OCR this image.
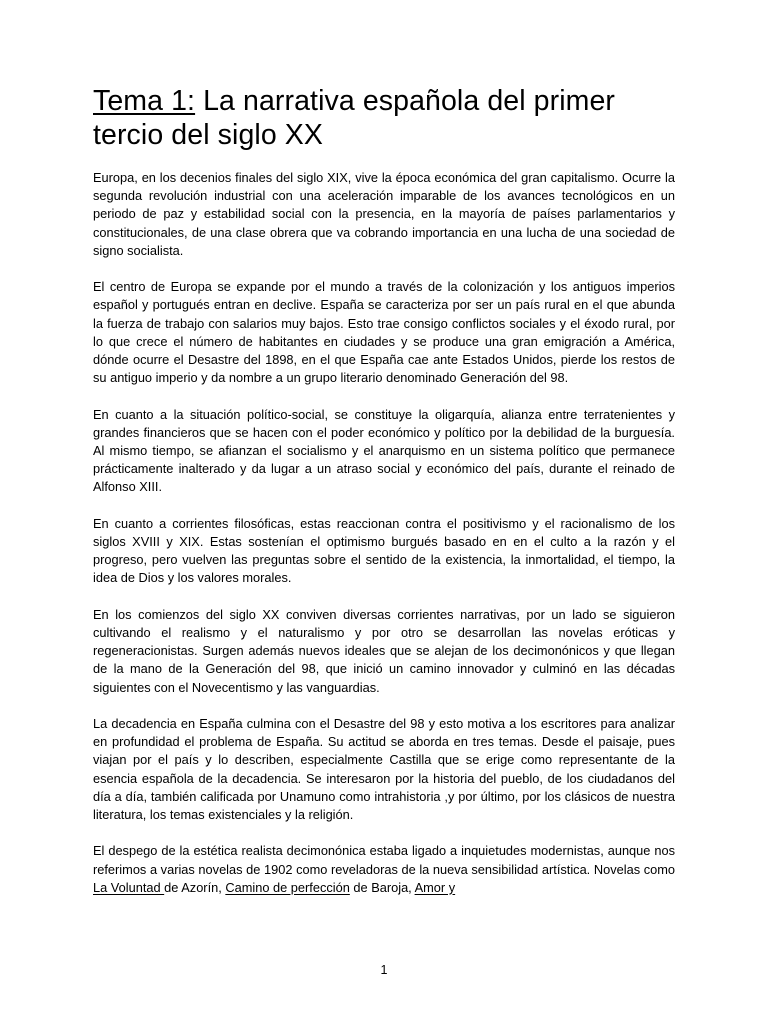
Tema 1: La narrativa española del primer tercio del siglo XX

Europa, en los decenios finales del siglo XIX, vive la época económica del gran capitalismo. Ocurre la segunda revolución industrial con una aceleración imparable de los avances tecnológicos en un periodo de paz y estabilidad social con la presencia, en la mayoría de países parlamentarios y constitucionales, de una clase obrera que va cobrando importancia en una lucha de una sociedad de signo socialista.

El centro de Europa se expande por el mundo a través de la colonización y los antiguos imperios español y portugués entran en declive. España se caracteriza por ser un país rural en el que abunda la fuerza de trabajo con salarios muy bajos. Esto trae consigo conflictos sociales y el éxodo rural, por lo que crece el número de habitantes en ciudades y se produce una gran emigración a América, dónde ocurre el Desastre del 1898, en el que España cae ante Estados Unidos, pierde los restos de su antiguo imperio y da nombre a un grupo literario denominado Generación del 98.

En cuanto a la situación político-social, se constituye la oligarquía, alianza entre terratenientes y grandes financieros que se hacen con el poder económico y político por la debilidad de la burguesía. Al mismo tiempo, se afianzan el socialismo y el anarquismo en un sistema político que permanece prácticamente inalterado y da lugar a un atraso social y económico del país, durante el reinado de Alfonso XIII.

En cuanto a corrientes filosóficas, estas reaccionan contra el positivismo y el racionalismo de los siglos XVIII y XIX. Estas sostenían el optimismo burgués basado en en el culto a la razón y el progreso, pero vuelven las preguntas sobre el sentido de la existencia, la inmortalidad, el tiempo, la idea de Dios y los valores morales.

En los comienzos del siglo XX conviven diversas corrientes narrativas, por un lado se siguieron cultivando el realismo y el naturalismo y por otro se desarrollan las novelas eróticas y regeneracionistas. Surgen además nuevos ideales que se alejan de los decimonónicos y que llegan de la mano de la Generación del 98, que inició un camino innovador y culminó en las décadas siguientes con el Novecentismo y las vanguardias.

La decadencia en España culmina con el Desastre del 98 y esto motiva a los escritores para analizar en profundidad el problema de España. Su actitud se aborda en tres temas. Desde el paisaje, pues viajan por el país y lo describen, especialmente Castilla que se erige como representante de la esencia española de la decadencia. Se interesaron por la historia del pueblo, de los ciudadanos del día a día, también calificada por Unamuno como intrahistoria ,y por último, por los clásicos de nuestra literatura, los temas existenciales y la religión.

El despego de la estética realista decimonónica estaba ligado a inquietudes modernistas, aunque nos referimos a varias novelas de 1902 como reveladoras de la nueva sensibilidad artística. Novelas como La Voluntad de Azorín, Camino de perfección de Baroja, Amor y

1
